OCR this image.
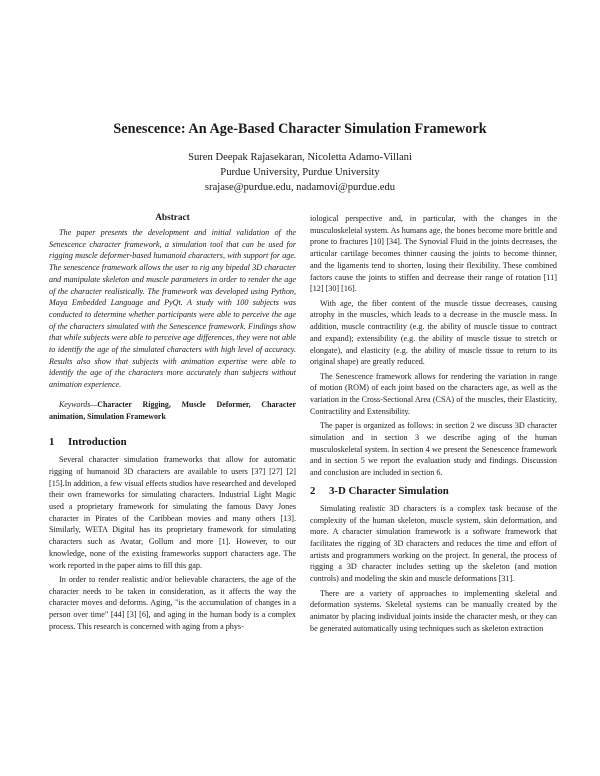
Senescence: An Age-Based Character Simulation Framework
Suren Deepak Rajasekaran, Nicoletta Adamo-Villani
Purdue University, Purdue University
srajase@purdue.edu, nadamovi@purdue.edu
Abstract

The paper presents the development and initial validation of the Senescence character framework, a simulation tool that can be used for rigging muscle deformer-based humanoid characters, with support for age. The senescence framework allows the user to rig any bipedal 3D character and manipulate skeleton and muscle parameters in order to render the age of the character realistically. The framework was developed using Python, Maya Embedded Language and PyQt. A study with 100 subjects was conducted to determine whether participants were able to perceive the age of the characters simulated with the Senescence framework. Findings show that while subjects were able to perceive age differences, they were not able to identify the age of the simulated characters with high level of accuracy. Results also show that subjects with animation expertise were able to identify the age of the characters more accurately than subjects without animation experience.

Keywords—Character Rigging, Muscle Deformer, Character animation, Simulation Framework

1 Introduction

Several character simulation frameworks that allow for automatic rigging of humanoid 3D characters are available to users [37] [27] [2] [15].In addition, a few visual effects studios have researched and developed their own frameworks for simulating characters. Industrial Light Magic used a proprietary framework for simulating the famous Davy Jones character in Pirates of the Caribbean movies and many others [13]. Similarly, WETA Digital has its proprietary framework for simulating characters such as Avatar, Gollum and more [1]. However, to our knowledge, none of the existing frameworks support characters age. The work reported in the paper aims to fill this gap.

In order to render realistic and/or believable characters, the age of the character needs to be taken in consideration, as it affects the way the character moves and deforms. Aging, "is the accumulation of changes in a person over time" [44] [3] [6], and aging in the human body is a complex process. This research is concerned with aging from a phys-

iological perspective and, in particular, with the changes in the musculoskeletal system. As humans age, the bones become more brittle and prone to fractures [10] [34]. The Synovial Fluid in the joints decreases, the articular cartilage becomes thinner causing the joints to become thinner, and the ligaments tend to shorten, losing their flexibility. These combined factors cause the joints to stiffen and decrease their range of rotation [11] [12] [30] [16].

With age, the fiber content of the muscle tissue decreases, causing atrophy in the muscles, which leads to a decrease in the muscle mass. In addition, muscle contractility (e.g. the ability of muscle tissue to contract and expand); extensibility (e.g. the ability of muscle tissue to stretch or elongate), and elasticity (e.g. the ability of muscle tissue to return to its original shape) are greatly reduced.

The Senescence framework allows for rendering the variation in range of motion (ROM) of each joint based on the characters age, as well as the variation in the Cross-Sectional Area (CSA) of the muscles, their Elasticity, Contractility and Extensibility.

The paper is organized as follows: in section 2 we discuss 3D character simulation and in section 3 we describe aging of the human musculoskeletal system. In section 4 we present the Senescence framework and in section 5 we report the evaluation study and findings. Discussion and conclusion are included in section 6.

2 3-D Character Simulation

Simulating realistic 3D characters is a complex task because of the complexity of the human skeleton, muscle system, skin deformation, and more. A character simulation framework is a software framework that facilitates the rigging of 3D characters and reduces the time and effort of artists and programmers working on the project. In general, the process of rigging a 3D character includes setting up the skeleton (and motion controls) and modeling the skin and muscle deformations [31].

There are a variety of approaches to implementing skeletal and deformation systems. Skeletal systems can be manually created by the animator by placing individual joints inside the character mesh, or they can be generated automatically using techniques such as skeleton extraction
